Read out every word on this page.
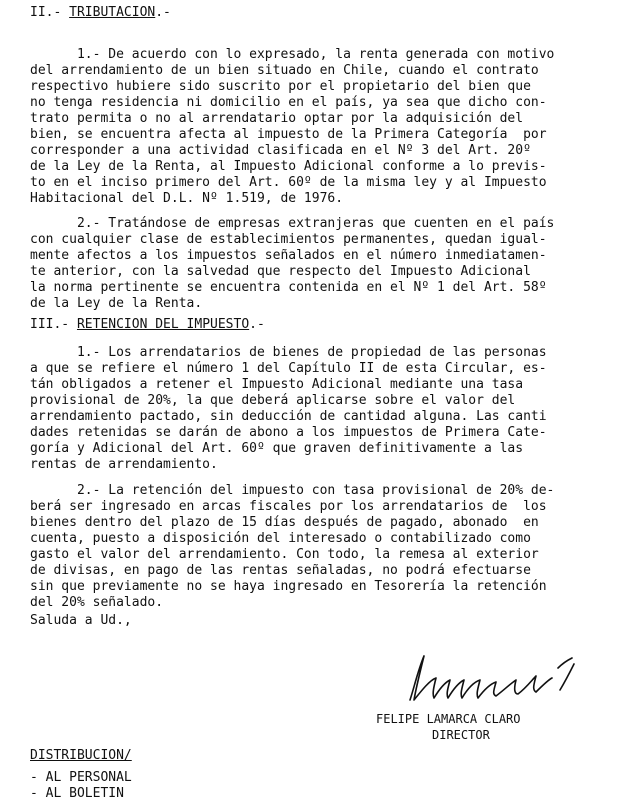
II.- TRIBUTACION.-
1.- De acuerdo con lo expresado, la renta generada con motivo
del arrendamiento de un bien situado en Chile, cuando el contrato
respectivo hubiere sido suscrito por el propietario del bien que
no tenga residencia ni domicilio en el país, ya sea que dicho con-
trato permita o no al arrendatario optar por la adquisición del
bien, se encuentra afecta al impuesto de la Primera Categoría  por
corresponder a una actividad clasificada en el Nº 3 del Art. 20º
de la Ley de la Renta, al Impuesto Adicional conforme a lo previs-
to en el inciso primero del Art. 60º de la misma ley y al Impuesto
Habitacional del D.L. Nº 1.519, de 1976.
2.- Tratándose de empresas extranjeras que cuenten en el país
con cualquier clase de establecimientos permanentes, quedan igual-
mente afectos a los impuestos señalados en el número inmediatamen-
te anterior, con la salvedad que respecto del Impuesto Adicional
la norma pertinente se encuentra contenida en el Nº 1 del Art. 58º
de la Ley de la Renta.
III.- RETENCION DEL IMPUESTO.-
1.- Los arrendatarios de bienes de propiedad de las personas
a que se refiere el número 1 del Capítulo II de esta Circular, es-
tán obligados a retener el Impuesto Adicional mediante una tasa
provisional de 20%, la que deberá aplicarse sobre el valor del
arrendamiento pactado, sin deducción de cantidad alguna. Las canti
dades retenidas se darán de abono a los impuestos de Primera Cate-
goría y Adicional del Art. 60º que graven definitivamente a las
rentas de arrendamiento.
2.- La retención del impuesto con tasa provisional de 20% de-
berá ser ingresado en arcas fiscales por los arrendatarios de  los
bienes dentro del plazo de 15 días después de pagado, abonado  en
cuenta, puesto a disposición del interesado o contabilizado como
gasto el valor del arrendamiento. Con todo, la remesa al exterior
de divisas, en pago de las rentas señaladas, no podrá efectuarse
sin que previamente no se haya ingresado en Tesorería la retención
del 20% señalado.
Saluda a Ud.,
FELIPE LAMARCA CLARO
DIRECTOR
DISTRIBUCION/
- AL PERSONAL
- AL BOLETIN
